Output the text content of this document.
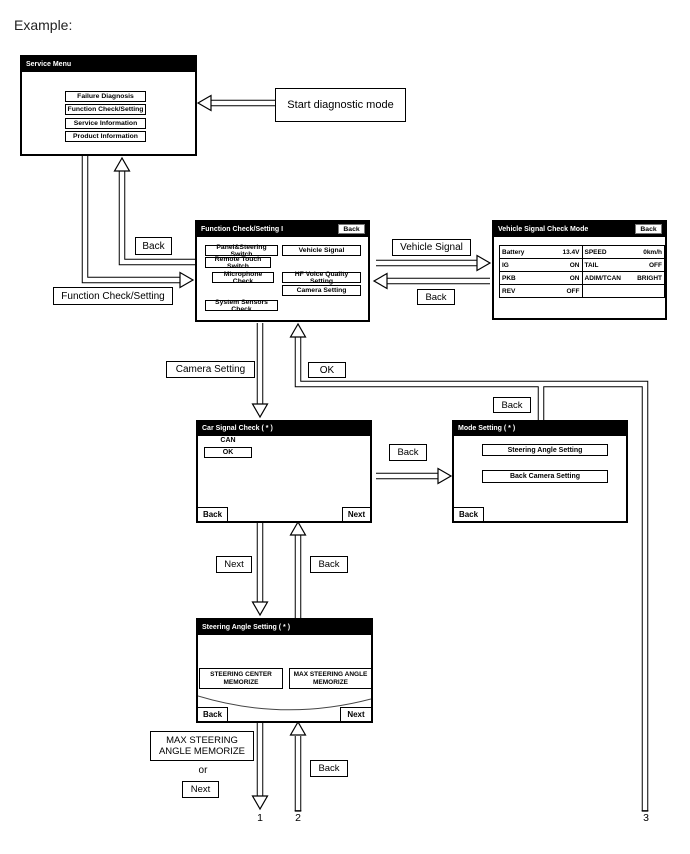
Example:
Service Menu
Failure Diagnosis
Function Check/Setting
Service Information
Product Information
Start diagnostic mode
Function Check/Setting I	Back
Panel&Steering Switch
Remote Touch Switch
Microphone Check
System Sensors Check
Vehicle Signal
HF Voice Quality Setting
Camera Setting
Vehicle Signal Check Mode	Back
Battery	13.4V SPEED	0km/h
IG	ON TAIL	OFF
PKB	ON ADIM/TCAN BRIGHT
REV	OFF
Car Signal Check ( * )
CAN
OK
Back	Next
Mode Setting ( * )
Steering Angle Setting
Back Camera Setting
Back
Steering Angle Setting ( * )
STEERING CENTER MEMORIZE
MAX STEERING ANGLE MEMORIZE
Back	Next
Back
Function Check/Setting
Vehicle Signal
Back
Camera Setting	OK
Back
Back
Next	Back
MAX STEERING ANGLE MEMORIZE
or
Next
Back
1	2	3
